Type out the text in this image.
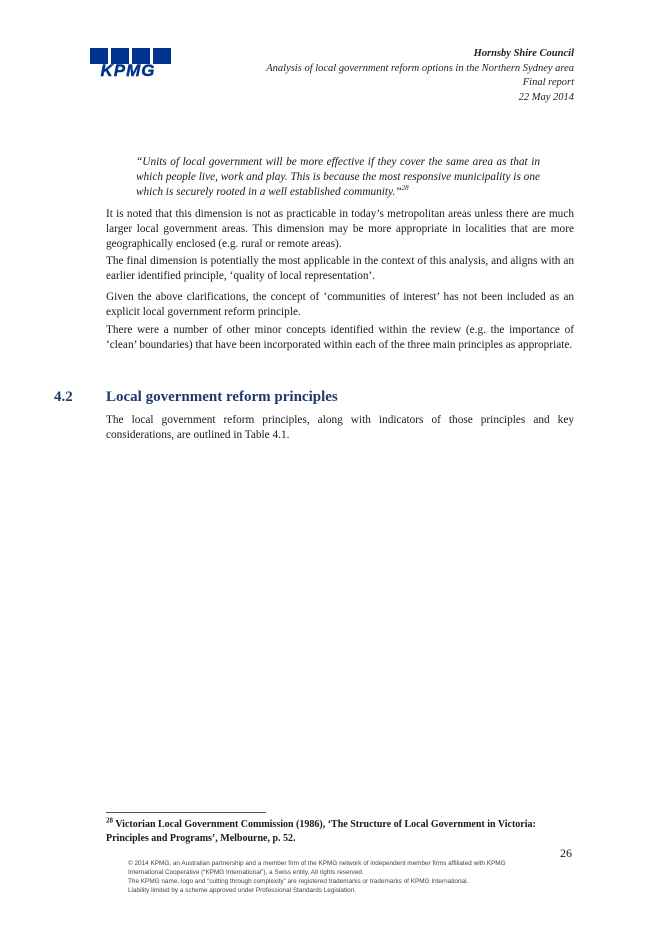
KPMG
Hornsby Shire Council
Analysis of local government reform options in the Northern Sydney area
Final report
22 May 2014
“Units of local government will be more effective if they cover the same area as that in which people live, work and play. This is because the most responsive municipality is one which is securely rooted in a well established community.”$^{28}$

It is noted that this dimension is not as practicable in today’s metropolitan areas unless there are much larger local government areas. This dimension may be more appropriate in localities that are more geographically enclosed (e.g. rural or remote areas).

The final dimension is potentially the most applicable in the context of this analysis, and aligns with an earlier identified principle, ‘quality of local representation’.

Given the above clarifications, the concept of ‘communities of interest’ has not been included as an explicit local government reform principle.

There were a number of other minor concepts identified within the review (e.g. the importance of ‘clean’ boundaries) that have been incorporated within each of the three main principles as appropriate.

4.2 Local government reform principles

The local government reform principles, along with indicators of those principles and key considerations, are outlined in Table 4.1.

$^{28}$ Victorian Local Government Commission (1986), ‘The Structure of Local Government in Victoria: Principles and Programs’, Melbourne, p. 52.
26
© 2014 KPMG, an Australian partnership and a member firm of the KPMG network of independent member firms affiliated with KPMG International Cooperative (“KPMG International”), a Swiss entity. All rights reserved.
The KPMG name, logo and “cutting through complexity” are registered trademarks or trademarks of KPMG International.
Liability limited by a scheme approved under Professional Standards Legislation.
